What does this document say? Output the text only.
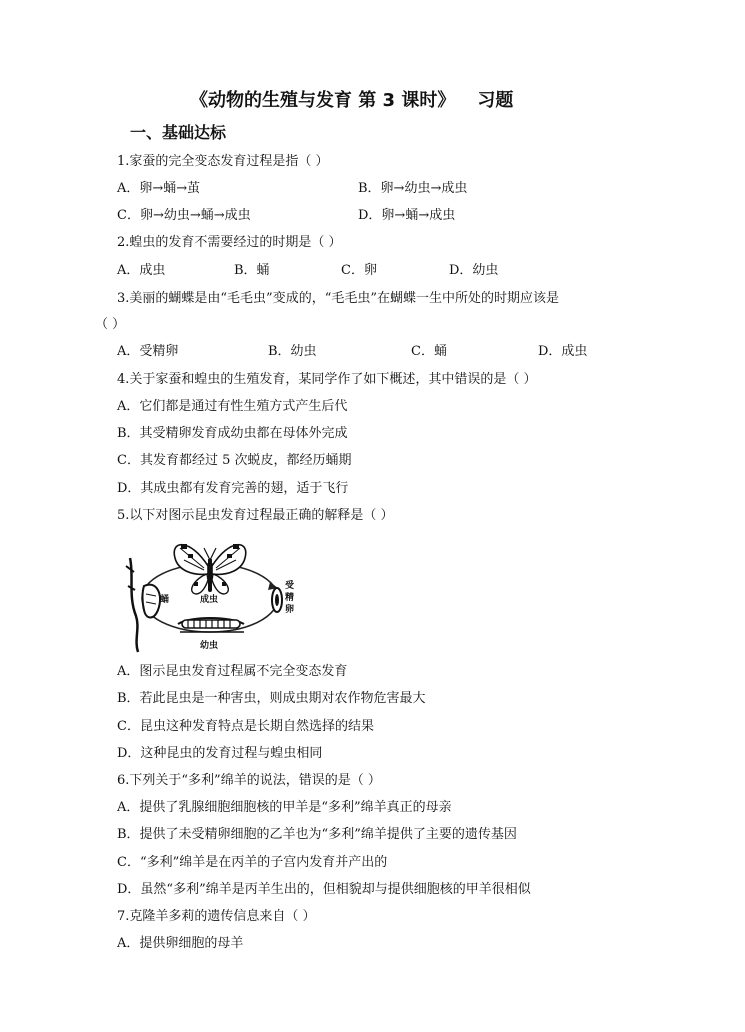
《动物的生殖与发育 第 3 课时》 习题
一、基础达标
1.家蚕的完全变态发育过程是指（ ）
A．卵→蛹→茧	B．卵→幼虫→成虫
C．卵→幼虫→蛹→成虫	D．卵→蛹→成虫
2.蝗虫的发育不需要经过的时期是（ ）
A．成虫	B．蛹	C．卵	D．幼虫
3.美丽的蝴蝶是由“毛毛虫”变成的，“毛毛虫”在蝴蝶一生中所处的时期应该是
（ ）
A．受精卵	B．幼虫	C．蛹	D．成虫
4.关于家蚕和蝗虫的生殖发育，某同学作了如下概述，其中错误的是（ ）
A．它们都是通过有性生殖方式产生后代
B．其受精卵发育成幼虫都在母体外完成
C．其发育都经过 5 次蜕皮，都经历蛹期
D．其成虫都有发育完善的翅，适于飞行
5.以下对图示昆虫发育过程最正确的解释是（ ）
蛹	成虫
受
精
卵
幼虫
A．图示昆虫发育过程属不完全变态发育
B．若此昆虫是一种害虫，则成虫期对农作物危害最大
C．昆虫这种发育特点是长期自然选择的结果
D．这种昆虫的发育过程与蝗虫相同
6.下列关于“多利”绵羊的说法，错误的是（ ）
A．提供了乳腺细胞细胞核的甲羊是“多利”绵羊真正的母亲
B．提供了未受精卵细胞的乙羊也为“多利”绵羊提供了主要的遗传基因
C．“多利”绵羊是在丙羊的子宫内发育并产出的
D．虽然“多利”绵羊是丙羊生出的，但相貌却与提供细胞核的甲羊很相似
7.克隆羊多莉的遗传信息来自（ ）
A．提供卵细胞的母羊
